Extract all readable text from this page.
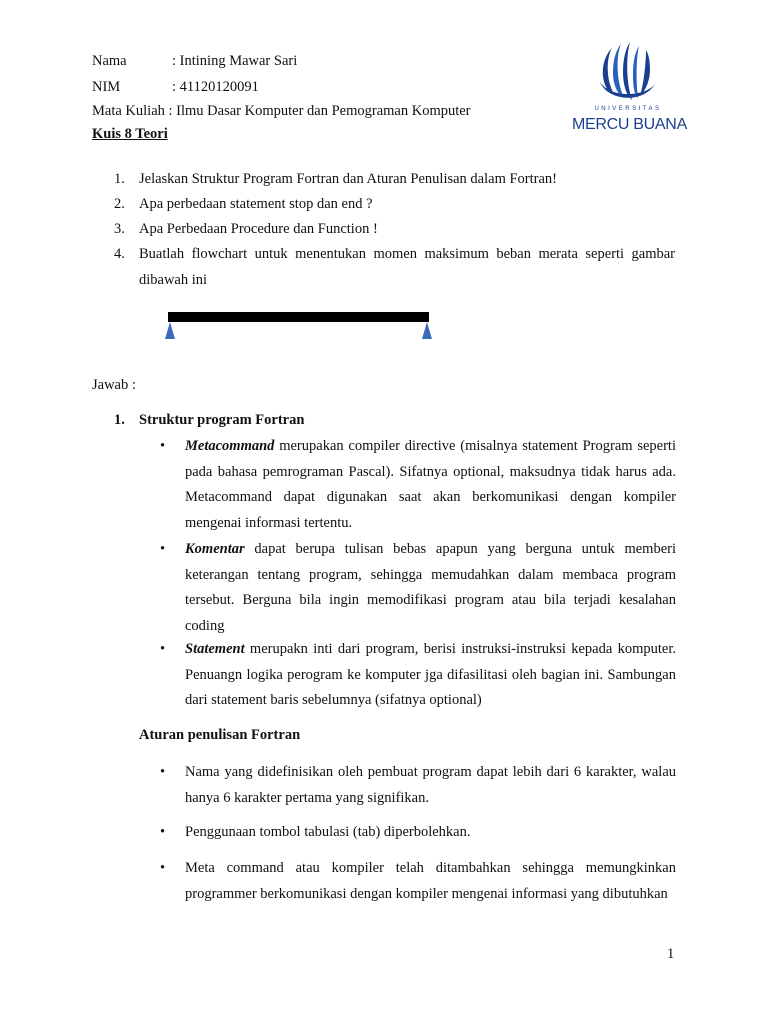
Nama	: Intining Mawar Sari
NIM	: 41120120091
Mata Kuliah : Ilmu Dasar Komputer dan Pemograman Komputer
Kuis 8 Teori
UNIVERSITAS
MERCU BUANA
1. Jelaskan Struktur Program Fortran dan Aturan Penulisan dalam Fortran!
2. Apa perbedaan statement stop dan end ?
3. Apa Perbedaan Procedure dan Function !
4. Buatlah flowchart untuk menentukan momen maksimum beban merata seperti gambar dibawah ini
Jawab :
1. Struktur program Fortran
• Metacommand merupakan compiler directive (misalnya statement Program seperti pada bahasa pemrograman Pascal). Sifatnya optional, maksudnya tidak harus ada. Metacommand dapat digunakan saat akan berkomunikasi dengan kompiler mengenai informasi tertentu.
• Komentar dapat berupa tulisan bebas apapun yang berguna untuk memberi keterangan tentang program, sehingga memudahkan dalam membaca program tersebut. Berguna bila ingin memodifikasi program atau bila terjadi kesalahan coding
• Statement merupakn inti dari program, berisi instruksi-instruksi kepada komputer. Penuangn logika perogram ke komputer jga difasilitasi oleh bagian ini. Sambungan dari statement baris sebelumnya (sifatnya optional)
Aturan penulisan Fortran
• Nama yang didefinisikan oleh pembuat program dapat lebih dari 6 karakter, walau hanya 6 karakter pertama yang signifikan.
• Penggunaan tombol tabulasi (tab) diperbolehkan.
• Meta command atau kompiler telah ditambahkan sehingga memungkinkan programmer berkomunikasi dengan kompiler mengenai informasi yang dibutuhkan
1
